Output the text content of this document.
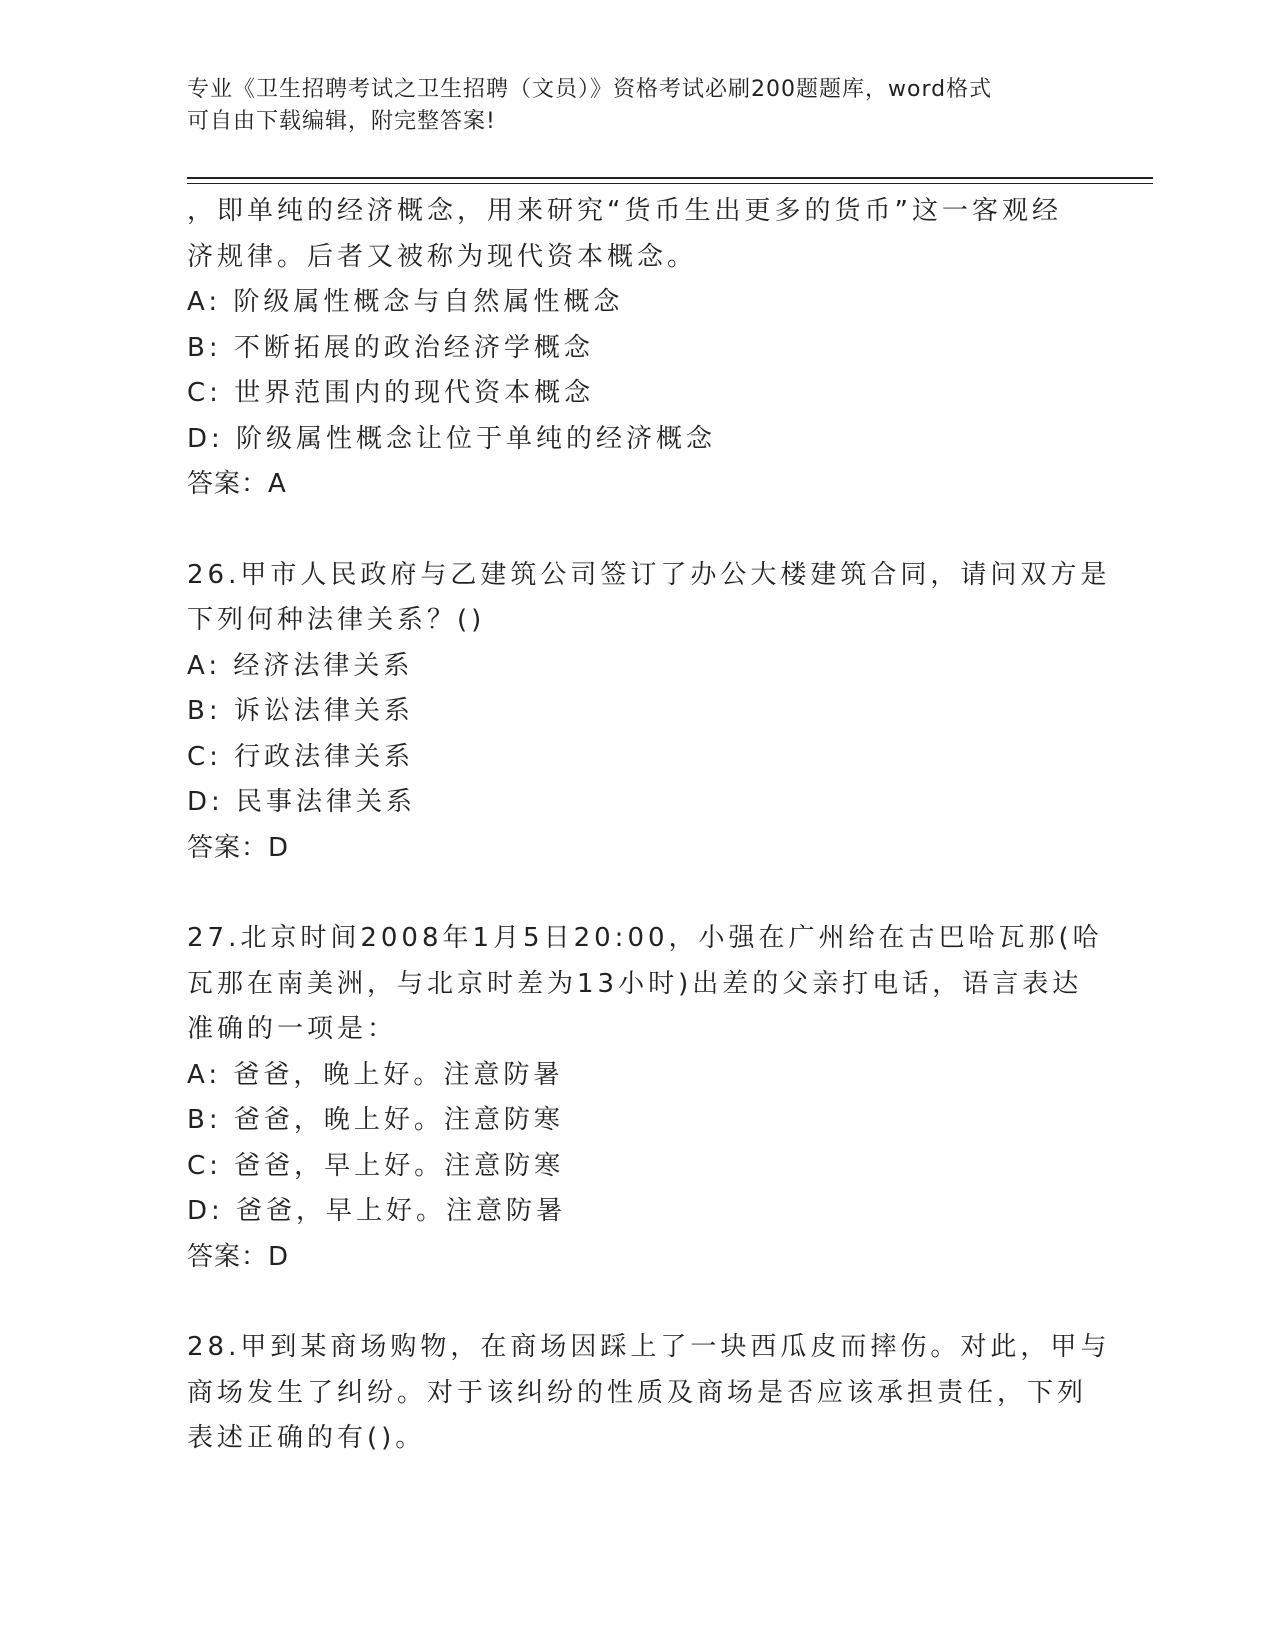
专业《卫生招聘考试之卫生招聘（文员）》资格考试必刷200题题库，word格式
可自由下载编辑，附完整答案!
，即单纯的经济概念，用来研究“货币生出更多的货币”这一客观经
济规律。后者又被称为现代资本概念。
A: 阶级属性概念与自然属性概念
B: 不断拓展的政治经济学概念
C: 世界范围内的现代资本概念
D: 阶级属性概念让位于单纯的经济概念
答案：A
26.甲市人民政府与乙建筑公司签订了办公大楼建筑合同，请问双方是
下列何种法律关系？()
A: 经济法律关系
B: 诉讼法律关系
C: 行政法律关系
D: 民事法律关系
答案：D
27.北京时间2008年1月5日20:00，小强在广州给在古巴哈瓦那(哈
瓦那在南美洲，与北京时差为13小时)出差的父亲打电话，语言表达
准确的一项是：
A: 爸爸，晚上好。注意防暑
B: 爸爸，晚上好。注意防寒
C: 爸爸，早上好。注意防寒
D: 爸爸，早上好。注意防暑
答案：D
28.甲到某商场购物，在商场因踩上了一块西瓜皮而摔伤。对此，甲与
商场发生了纠纷。对于该纠纷的性质及商场是否应该承担责任，下列
表述正确的有()。
